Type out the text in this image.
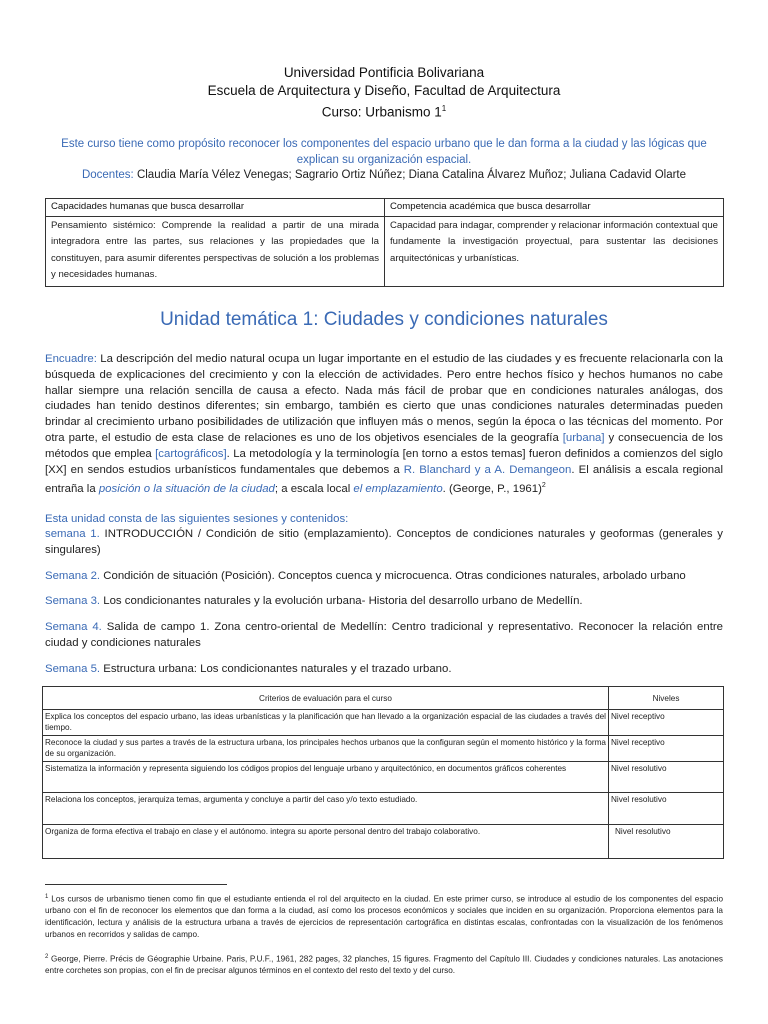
Universidad Pontificia Bolivariana
Escuela de Arquitectura y Diseño, Facultad de Arquitectura
Curso: Urbanismo $1^1$
Este curso tiene como propósito reconocer los componentes del espacio urbano que le dan forma a la ciudad y las lógicas que explican su organización espacial.
Docentes: Claudia María Vélez Venegas; Sagrario Ortiz Núñez; Diana Catalina Álvarez Muñoz; Juliana Cadavid Olarte
Capacidades humanas que busca desarrollar	Competencia académica que busca desarrollar
Pensamiento sistémico: Comprende la realidad a partir de una mirada integradora entre las partes, sus relaciones y las propiedades que la constituyen, para asumir diferentes perspectivas de solución a los problemas y necesidades humanas.	Capacidad para indagar, comprender y relacionar información contextual que fundamente la investigación proyectual, para sustentar las decisiones arquitectónicas y urbanísticas.
Unidad temática 1: Ciudades y condiciones naturales
Encuadre: La descripción del medio natural ocupa un lugar importante en el estudio de las ciudades y es frecuente relacionarla con la búsqueda de explicaciones del crecimiento y con la elección de actividades. Pero entre hechos físico y hechos humanos no cabe hallar siempre una relación sencilla de causa a efecto. Nada más fácil de probar que en condiciones naturales análogas, dos ciudades han tenido destinos diferentes; sin embargo, también es cierto que unas condiciones naturales determinadas pueden brindar al crecimiento urbano posibilidades de utilización que influyen más o menos, según la época o las técnicas del momento. Por otra parte, el estudio de esta clase de relaciones es uno de los objetivos esenciales de la geografía [urbana] y consecuencia de los métodos que emplea [cartográficos]. La metodología y la terminología [en torno a estos temas] fueron definidos a comienzos del siglo [XX] en sendos estudios urbanísticos fundamentales que debemos a R. Blanchard y a A. Demangeon. El análisis a escala regional entraña la posición o la situación de la ciudad; a escala local el emplazamiento. (George, P., 1961)$^2$
Esta unidad consta de las siguientes sesiones y contenidos:
semana 1. INTRODUCCIÓN / Condición de sitio (emplazamiento). Conceptos de condiciones naturales y geoformas (generales y singulares)
Semana 2. Condición de situación (Posición). Conceptos cuenca y microcuenca. Otras condiciones naturales, arbolado urbano
Semana 3. Los condicionantes naturales y la evolución urbana- Historia del desarrollo urbano de Medellín.
Semana 4. Salida de campo 1. Zona centro-oriental de Medellín: Centro tradicional y representativo. Reconocer la relación entre ciudad y condiciones naturales
Semana 5. Estructura urbana: Los condicionantes naturales y el trazado urbano.
Criterios de evaluación para el curso	Niveles
Explica los conceptos del espacio urbano, las ideas urbanísticas y la planificación que han llevado a la organización espacial de las ciudades a través del tiempo.	Nivel receptivo
Reconoce la ciudad y sus partes a través de la estructura urbana, los principales hechos urbanos que la configuran según el momento histórico y la forma de su organización.	Nivel receptivo
Sistematiza la información y representa siguiendo los códigos propios del lenguaje urbano y arquitectónico, en documentos gráficos coherentes	Nivel resolutivo
Relaciona los conceptos, jerarquiza temas, argumenta y concluye a partir del caso y/o texto estudiado.	Nivel resolutivo
Organiza de forma efectiva el trabajo en clase y el autónomo. integra su aporte personal dentro del trabajo colaborativo.	Nivel resolutivo
$^1$ Los cursos de urbanismo tienen como fin que el estudiante entienda el rol del arquitecto en la ciudad. En este primer curso, se introduce al estudio de los componentes del espacio urbano con el fin de reconocer los elementos que dan forma a la ciudad, así como los procesos económicos y sociales que inciden en su organización. Proporciona elementos para la identificación, lectura y análisis de la estructura urbana a través de ejercicios de representación cartográfica en distintas escalas, confrontadas con la visualización de los fenómenos urbanos en recorridos y salidas de campo.
$^2$ George, Pierre. Précis de Géographie Urbaine. Paris, P.U.F., 1961, 282 pages, 32 planches, 15 figures. Fragmento del Capítulo III. Ciudades y condiciones naturales. Las anotaciones entre corchetes son propias, con el fin de precisar algunos términos en el contexto del resto del texto y del curso.
